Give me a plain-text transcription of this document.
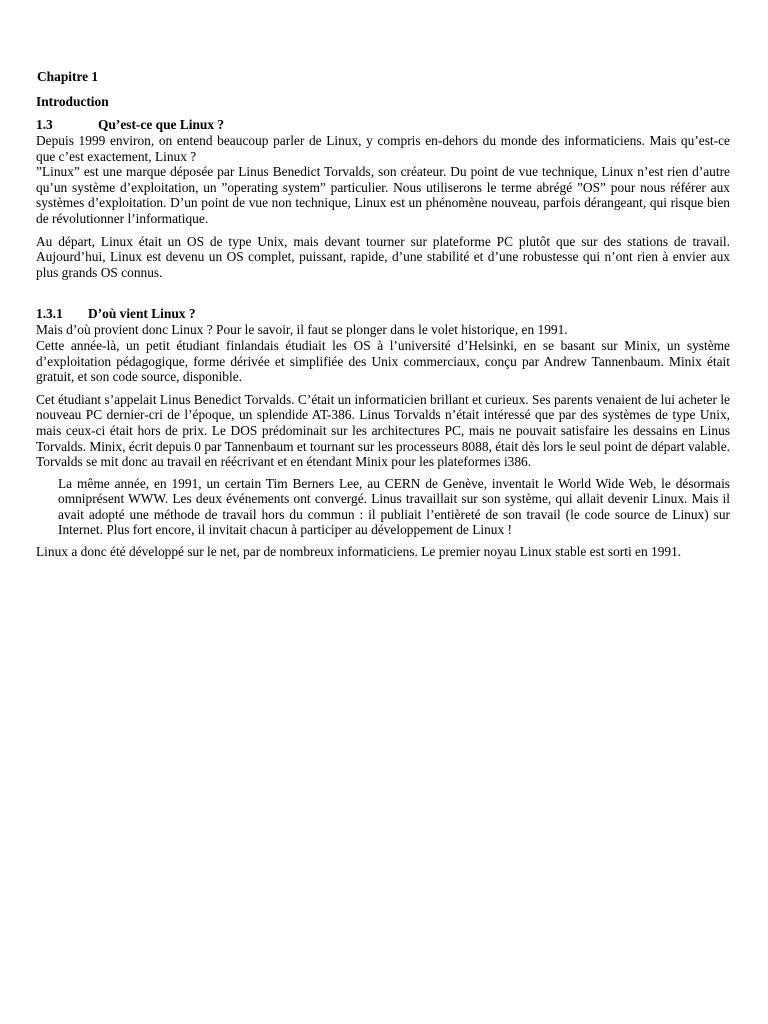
Chapitre 1
Introduction
1.3	Qu’est-ce que Linux ?

Depuis 1999 environ, on entend beaucoup parler de Linux, y compris en-dehors du monde des informaticiens. Mais qu’est-ce que c’est exactement, Linux ?

”Linux” est une marque déposée par Linus Benedict Torvalds, son créateur. Du point de vue technique, Linux n’est rien d’autre qu’un système d’exploitation, un ”operating system” particulier. Nous utiliserons le terme abrégé ”OS” pour nous référer aux systèmes d’exploitation. D’un point de vue non technique, Linux est un phénomène nouveau, parfois dérangeant, qui risque bien de révolutionner l’informatique.

Au départ, Linux était un OS de type Unix, mais devant tourner sur plateforme PC plutôt que sur des stations de travail. Aujourd’hui, Linux est devenu un OS complet, puissant, rapide, d’une stabilité et d’une robustesse qui n’ont rien à envier aux plus grands OS connus.

1.3.1	D’où vient Linux ?

Mais d’où provient donc Linux ? Pour le savoir, il faut se plonger dans le volet historique, en 1991.

Cette année-là, un petit étudiant finlandais étudiait les OS à l’université d’Helsinki, en se basant sur Minix, un système d’exploitation pédagogique, forme dérivée et simplifiée des Unix commerciaux, conçu par Andrew Tannenbaum. Minix était gratuit, et son code source, disponible.

Cet étudiant s’appelait Linus Benedict Torvalds. C’était un informaticien brillant et curieux. Ses parents venaient de lui acheter le nouveau PC dernier-cri de l’époque, un splendide AT-386. Linus Torvalds n’était intéressé que par des systèmes de type Unix, mais ceux-ci était hors de prix. Le DOS prédominait sur les architectures PC, mais ne pouvait satisfaire les dessains en Linus Torvalds. Minix, écrit depuis 0 par Tannenbaum et tournant sur les processeurs 8088, était dès lors le seul point de départ valable. Torvalds se mit donc au travail en réécrivant et en étendant Minix pour les plateformes i386.

La même année, en 1991, un certain Tim Berners Lee, au CERN de Genève, inventait le World Wide Web, le désormais omniprésent WWW. Les deux événements ont convergé. Linus travaillait sur son système, qui allait devenir Linux. Mais il avait adopté une méthode de travail hors du commun : il publiait l’entièreté de son travail (le code source de Linux) sur Internet. Plus fort encore, il invitait chacun à participer au développement de Linux !

Linux a donc été développé sur le net, par de nombreux informaticiens. Le premier noyau Linux stable est sorti en 1991.
